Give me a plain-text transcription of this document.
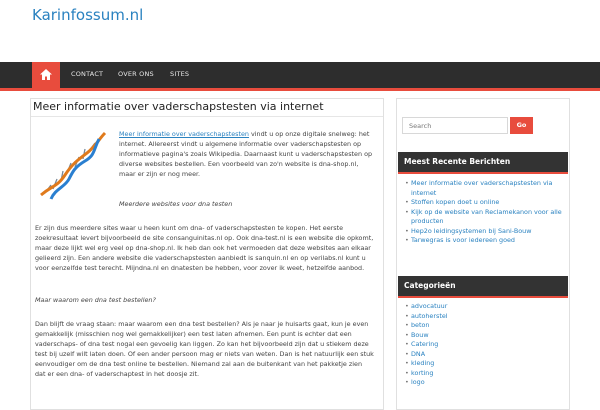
Karinfossum.nl
CONTACT OVER ONS SITES
Meer informatie over vaderschapstesten via internet
Meer informatie over vaderschapstesten vindt u op onze digitale snelweg: het
internet. Allereerst vindt u algemene informatie over vaderschapstesten op
informatieve pagina's zoals Wikipedia. Daarnaast kunt u vaderschapstesten op
diverse websites bestellen. Een voorbeeld van zo'n website is dna-shop.nl,
maar er zijn er nog meer.
Meerdere websites voor dna testen
Er zijn dus meerdere sites waar u heen kunt om dna- of vaderschapstesten te kopen. Het eerste
zoekresultaat levert bijvoorbeeld de site consanguinitas.nl op. Ook dna-test.nl is een website die opkomt,
maar deze lijkt wel erg veel op dna-shop.nl. Ik heb dan ook het vermoeden dat deze websites aan elkaar
gelieerd zijn. Een andere website die vaderschapstesten aanbiedt is sanquin.nl en op verilabs.nl kunt u
voor eenzelfde test terecht. Mijndna.nl en dnatesten be hebben, voor zover ik weet, hetzelfde aanbod.
Maar waarom een dna test bestellen?
Dan blijft de vraag staan: maar waarom een dna test bestellen? Als je naar je huisarts gaat, kun je even
gemakkelijk (misschien nog wel gemakkelijker) een test laten afnemen. Een punt is echter dat een
vaderschaps- of dna test nogal een gevoelig kan liggen. Zo kan het bijvoorbeeld zijn dat u stiekem deze
test bij uzelf wilt laten doen. Of een ander persoon mag er niets van weten. Dan is het natuurlijk een stuk
eenvoudiger om de dna test online te bestellen. Niemand zal aan de buitenkant van het pakketje zien
dat er een dna- of vaderschaptest in het doosje zit.
Search	Go
Meest Recente Berichten
• Meer informatie over vaderschapstesten via
internet
• Stoffen kopen doet u online
• Kijk op de website van Reclamekanon voor alle
producten
• Hep2o leidingsystemen bij Sani-Bouw
• Tarwegras is voor iedereen goed
Categorieën
• advocatuur
• autoherstel
• beton
• Bouw
• Catering
• DNA
• kleding
• korting
• logo
